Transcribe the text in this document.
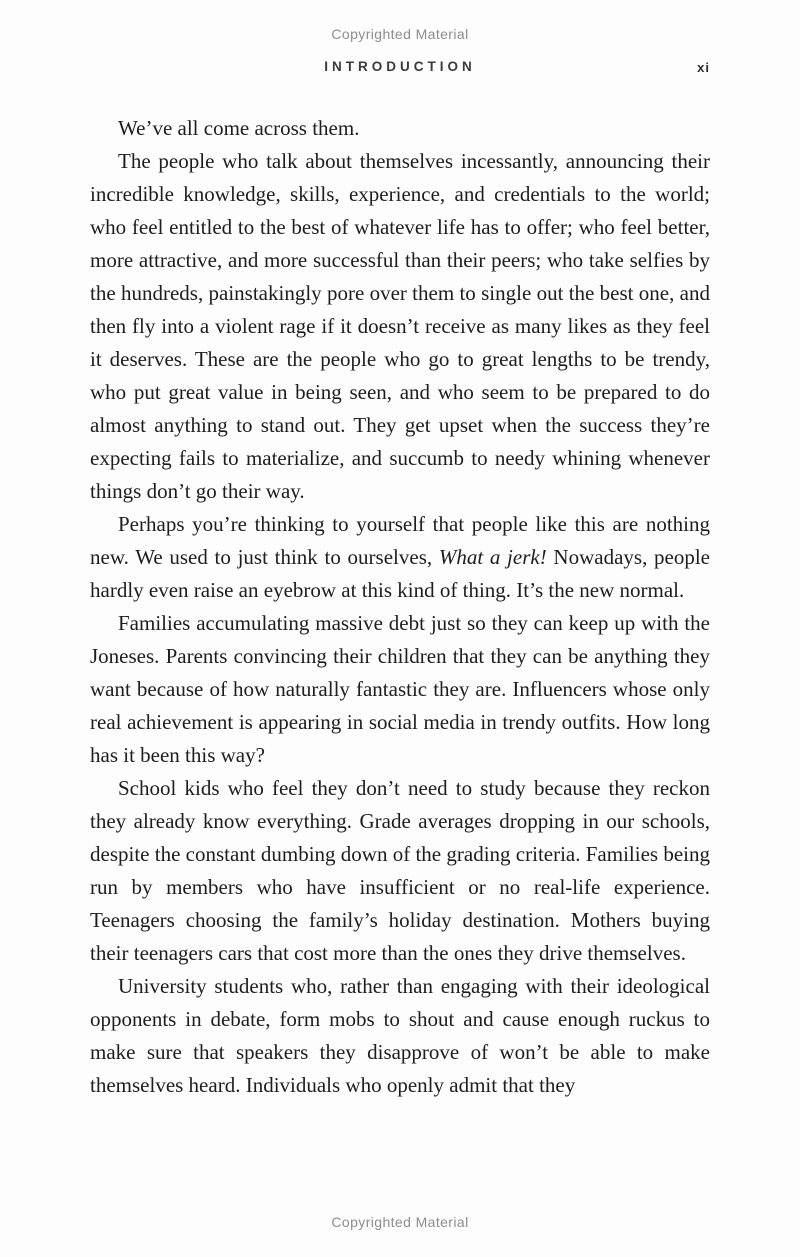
Copyrighted Material
INTRODUCTION	xi

We’ve all come across them.

The people who talk about themselves incessantly, announcing their incredible knowledge, skills, experience, and credentials to the world; who feel entitled to the best of whatever life has to offer; who feel better, more attractive, and more successful than their peers; who take selfies by the hundreds, painstakingly pore over them to single out the best one, and then fly into a violent rage if it doesn’t receive as many likes as they feel it deserves. These are the people who go to great lengths to be trendy, who put great value in being seen, and who seem to be prepared to do almost anything to stand out. They get upset when the success they’re expecting fails to materialize, and succumb to needy whining whenever things don’t go their way.

Perhaps you’re thinking to yourself that people like this are nothing new. We used to just think to ourselves, What a jerk! Nowadays, people hardly even raise an eyebrow at this kind of thing. It’s the new normal.

Families accumulating massive debt just so they can keep up with the Joneses. Parents convincing their children that they can be anything they want because of how naturally fantastic they are. Influencers whose only real achievement is appearing in social media in trendy outfits. How long has it been this way?

School kids who feel they don’t need to study because they reckon they already know everything. Grade averages dropping in our schools, despite the constant dumbing down of the grading criteria. Families being run by members who have insufficient or no real-life experience. Teenagers choosing the family’s holiday destination. Mothers buying their teenagers cars that cost more than the ones they drive themselves.

University students who, rather than engaging with their ideological opponents in debate, form mobs to shout and cause enough ruckus to make sure that speakers they disapprove of won’t be able to make themselves heard. Individuals who openly admit that they

Copyrighted Material
